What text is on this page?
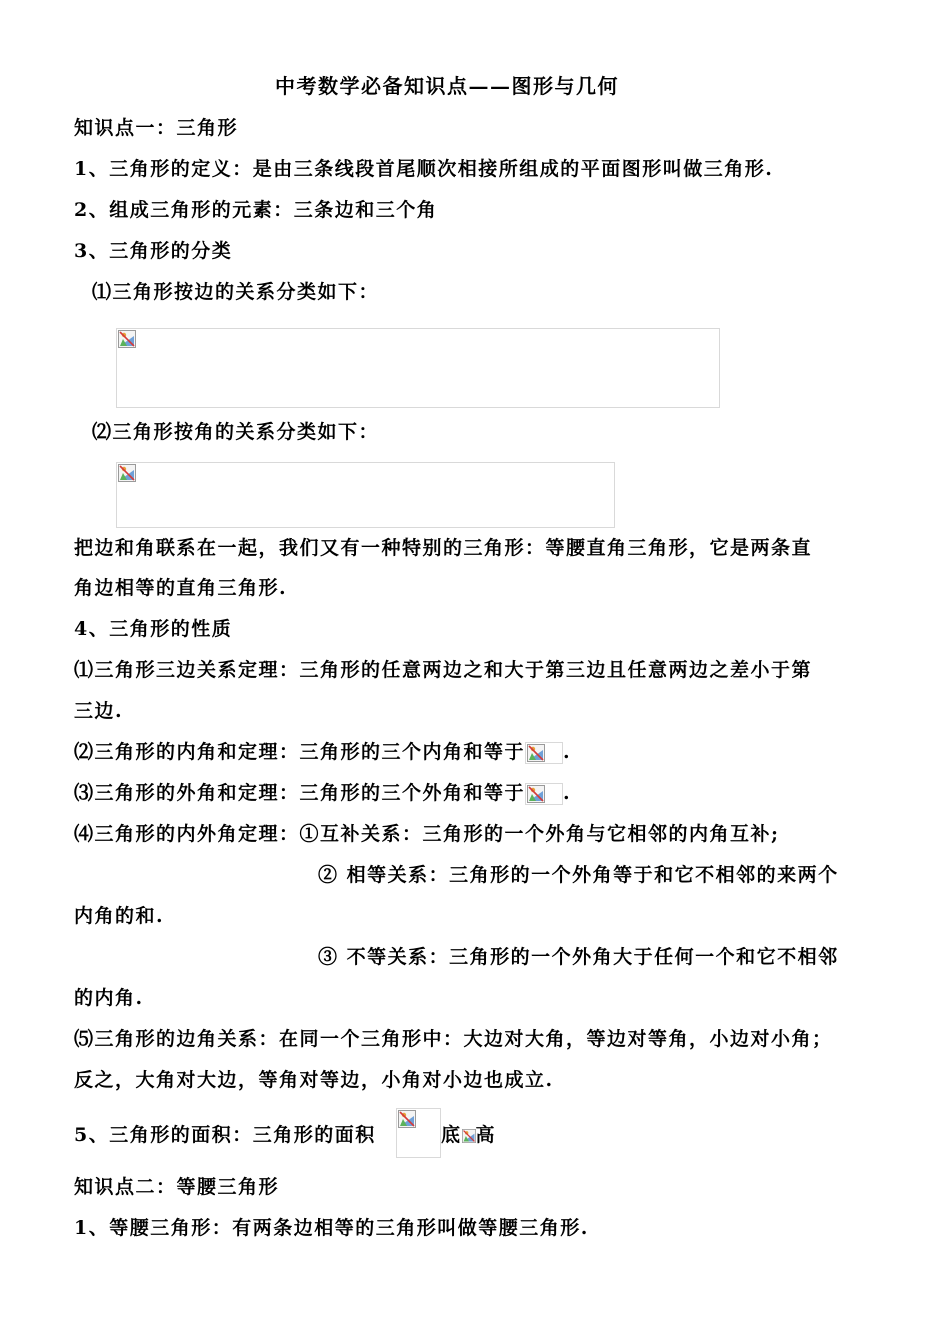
中考数学必备知识点——图形与几何
知识点一：三角形
1、三角形的定义：是由三条线段首尾顺次相接所组成的平面图形叫做三角形.
2、组成三角形的元素：三条边和三个角
3、三角形的分类
⑴三角形按边的关系分类如下：
⑵三角形按角的关系分类如下：
把边和角联系在一起，我们又有一种特别的三角形：等腰直角三角形，它是两条直
角边相等的直角三角形.
4、三角形的性质
⑴三角形三边关系定理：三角形的任意两边之和大于第三边且任意两边之差小于第
三边.
⑵三角形的内角和定理：三角形的三个内角和等于 .
⑶三角形的外角和定理：三角形的三个外角和等于 .
⑷三角形的内外角定理：①互补关系：三角形的一个外角与它相邻的内角互补;
② 相等关系：三角形的一个外角等于和它不相邻的来两个
内角的和.
③ 不等关系：三角形的一个外角大于任何一个和它不相邻
的内角.
⑸三角形的边角关系：在同一个三角形中：大边对大角，等边对等角，小边对小角；
反之，大角对大边，等角对等边，小角对小边也成立.
5、三角形的面积：三角形的面积	底 高
知识点二：等腰三角形
1、等腰三角形：有两条边相等的三角形叫做等腰三角形.
